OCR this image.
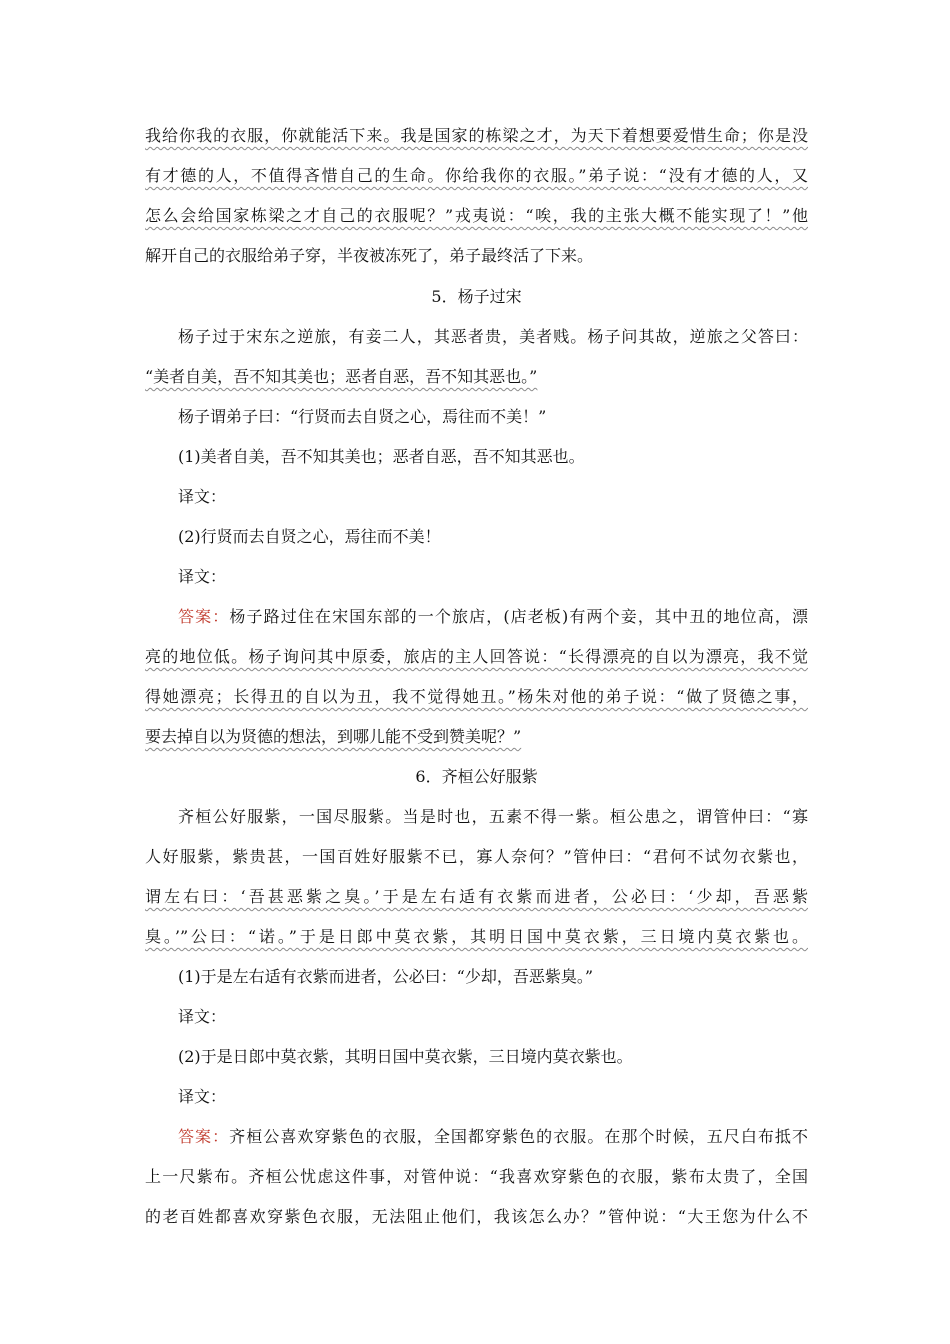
我给你我的衣服，你就能活下来。我是国家的栋梁之才，为天下着想要爱惜生命；你是没
有才德的人，不值得吝惜自己的生命。你给我你的衣服。”弟子说：“没有才德的人，又
怎么会给国家栋梁之才自己的衣服呢？”戎夷说：“唉，我的主张大概不能实现了！”他
解开自己的衣服给弟子穿，半夜被冻死了，弟子最终活了下来。
5．杨子过宋
杨子过于宋东之逆旅，有妾二人，其恶者贵，美者贱。杨子问其故，逆旅之父答曰：
“美者自美，吾不知其美也；恶者自恶，吾不知其恶也。”
杨子谓弟子曰：“行贤而去自贤之心，焉往而不美！”
(1)美者自美，吾不知其美也；恶者自恶，吾不知其恶也。
译文：
(2)行贤而去自贤之心，焉往而不美！
译文：
答案：杨子路过住在宋国东部的一个旅店，(店老板)有两个妾，其中丑的地位高，漂
亮的地位低。杨子询问其中原委，旅店的主人回答说：“长得漂亮的自以为漂亮，我不觉
得她漂亮；长得丑的自以为丑，我不觉得她丑。”杨朱对他的弟子说：“做了贤德之事，
要去掉自以为贤德的想法，到哪儿能不受到赞美呢？”
6．齐桓公好服紫
齐桓公好服紫，一国尽服紫。当是时也，五素不得一紫。桓公患之，谓管仲曰：“寡
人好服紫，紫贵甚，一国百姓好服紫不已，寡人奈何？”管仲曰：“君何不试勿衣紫也，
谓左右曰：‘吾甚恶紫之臭。’于是左右适有衣紫而进者，公必曰：‘少却，吾恶紫
臭。’”公曰：“诺。”于是日郎中莫衣紫，其明日国中莫衣紫，三日境内莫衣紫也。
(1)于是左右适有衣紫而进者，公必曰：“少却，吾恶紫臭。”
译文：
(2)于是日郎中莫衣紫，其明日国中莫衣紫，三日境内莫衣紫也。
译文：
答案：齐桓公喜欢穿紫色的衣服，全国都穿紫色的衣服。在那个时候，五尺白布抵不
上一尺紫布。齐桓公忧虑这件事，对管仲说：“我喜欢穿紫色的衣服，紫布太贵了，全国
的老百姓都喜欢穿紫色衣服，无法阻止他们，我该怎么办？”管仲说：“大王您为什么不
